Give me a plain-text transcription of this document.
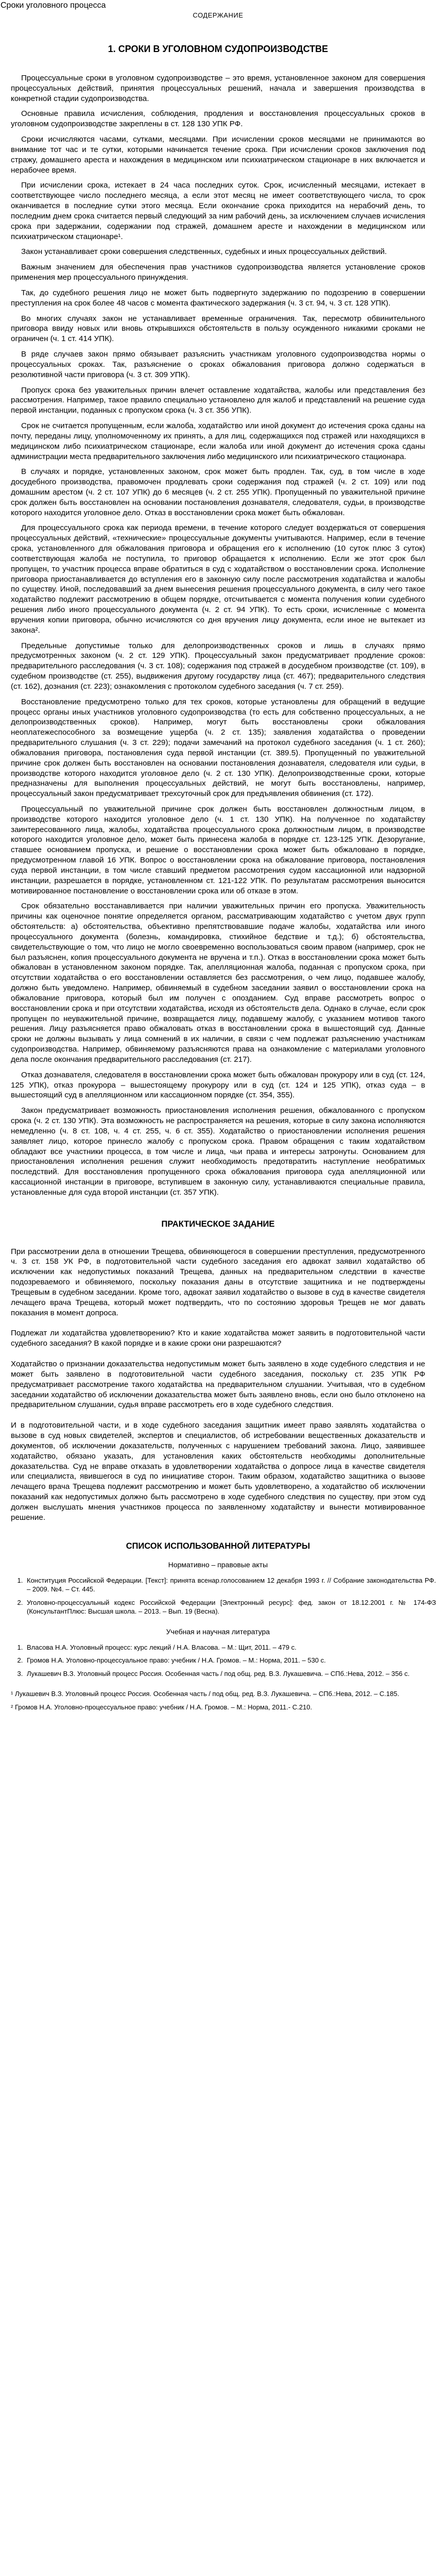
Сроки уголовного процесса
СОДЕРЖАНИЕ
1. СРОКИ В УГОЛОВНОМ СУДОПРОИЗВОДСТВЕ

Процессуальные сроки в уголовном судопроизводстве – это время, установленное законом для совершения процессуальных действий, принятия процессуальных решений, начала и завершения производства в конкретной стадии судопроизводства.

Основные правила исчисления, соблюдения, продления и восстановления процессуальных сроков в уголовном судопроизводстве закреплены в ст. 128 130 УПК РФ.

Сроки исчисляются часами, сутками, месяцами. При исчислении сроков месяцами не принимаются во внимание тот час и те сутки, которыми начинается течение срока. При исчислении сроков заключения под стражу, домашнего ареста и нахождения в медицинском или психиатрическом стационаре в них включается и нерабочее время.

При исчислении срока, истекает в 24 часа последних суток. Срок, исчисленный месяцами, истекает в соответствующее число последнего месяца, а если этот месяц не имеет соответствующего числа, то срок оканчивается в последние сутки этого месяца. Если окончание срока приходится на нерабочий день, то последним днем срока считается первый следующий за ним рабочий день, за исключением случаев исчисления срока при задержании, содержании под стражей, домашнем аресте и нахождении в медицинском или психиатрическом стационаре¹.

Закон устанавливает сроки совершения следственных, судебных и иных процессуальных действий.

Важным значением для обеспечения прав участников судопроизводства является установление сроков применения мер процессуального принуждения.

Так, до судебного решения лицо не может быть подвергнуто задержанию по подозрению в совершении преступления на срок более 48 часов с момента фактического задержания (ч. 3 ст. 94, ч. 3 ст. 128 УПК).

Во многих случаях закон не устанавливает временные ограничения. Так, пересмотр обвинительного приговора ввиду новых или вновь открывшихся обстоятельств в пользу осужденного никакими сроками не ограничен (ч. 1 ст. 414 УПК).

В ряде случаев закон прямо обязывает разъяснить участникам уголовного судопроизводства нормы о процессуальных сроках. Так, разъяснение о сроках обжалования приговора должно содержаться в резолютивной части приговора (ч. 3 ст. 309 УПК).

Пропуск срока без уважительных причин влечет оставление ходатайства, жалобы или представления без рассмотрения. Например, такое правило специально установлено для жалоб и представлений на решение суда первой инстанции, поданных с пропуском срока (ч. 3 ст. 356 УПК).

Срок не считается пропущенным, если жалоба, ходатайство или иной документ до истечения срока сданы на почту, переданы лицу, уполномоченному их принять, а для лиц, содержащихся под стражей или находящихся в медицинском либо психиатрическом стационаре, если жалоба или иной документ до истечения срока сданы администрации места предварительного заключения либо медицинского или психиатрического стационара.

В случаях и порядке, установленных законом, срок может быть продлен. Так, суд, в том числе в ходе досудебного производства, правомочен продлевать сроки содержания под стражей (ч. 2 ст. 109) или под домашним арестом (ч. 2 ст. 107 УПК) до 6 месяцев (ч. 2 ст. 255 УПК). Пропущенный по уважительной причине срок должен быть восстановлен на основании постановления дознавателя, следователя, судьи, в производстве которого находится уголовное дело. Отказ в восстановлении срока может быть обжалован.

Для процессуального срока как периода времени, в течение которого следует воздержаться от совершения процессуальных действий, «технические» процессуальные документы учитываются. Например, если в течение срока, установленного для обжалования приговора и обращения его к исполнению (10 суток плюс 3 суток) соответствующая жалоба не поступила, то приговор обращается к исполнению. Если же этот срок был пропущен, то участник процесса вправе обратиться в суд с ходатайством о восстановлении срока. Исполнение приговора приостанавливается до вступления его в законную силу после рассмотрения ходатайства и жалобы по существу. Иной, последовавший за днем вынесения решения процессуального документа, в силу чего такое ходатайство подлежит рассмотрению в общем порядке, отсчитывается с момента получения копии судебного решения либо иного процессуального документа (ч. 2 ст. 94 УПК). То есть сроки, исчисленные с момента вручения копии приговора, обычно исчисляются со дня вручения лицу документа, если иное не вытекает из закона².

Предельные допустимые только для делопроизводственных сроков и лишь в случаях прямо предусмотренных законом (ч. 2 ст. 129 УПК). Процессуальный закон предусматривает продление сроков: предварительного расследования (ч. 3 ст. 108); содержания под стражей в досудебном производстве (ст. 109), в судебном производстве (ст. 255), выдвижения другому государству лица (ст. 467); предварительного следствия (ст. 162), дознания (ст. 223); ознакомления с протоколом судебного заседания (ч. 7 ст. 259).

Восстановление предусмотрено только для тех сроков, которые установлены для обращений в ведущие процесс органы иных участников уголовного судопроизводства (то есть для собственно процессуальных, а не делопроизводственных сроков). Например, могут быть восстановлены сроки обжалования неоплатежеспособного за возмещение ущерба (ч. 2 ст. 135); заявления ходатайства о проведении предварительного слушания (ч. 3 ст. 229); подачи замечаний на протокол судебного заседания (ч. 1 ст. 260); обжалования приговора, постановления суда первой инстанции (ст. 389.5). Пропущенный по уважительной причине срок должен быть восстановлен на основании постановления дознавателя, следователя или судьи, в производстве которого находится уголовное дело (ч. 2 ст. 130 УПК). Делопроизводственные сроки, которые предназначены для выполнения процессуальных действий, не могут быть восстановлены, например, процессуальный закон предусматривает трехсуточный срок для предъявления обвинения (ст. 172).

Процессуальный по уважительной причине срок должен быть восстановлен должностным лицом, в производстве которого находится уголовное дело (ч. 1 ст. 130 УПК). На полученное по ходатайству заинтересованного лица, жалобы, ходатайства процессуального срока должностным лицом, в производстве которого находится уголовное дело, может быть принесена жалоба в порядке ст. 123-125 УПК. Дезоругание, ставшее основанием пропуска, и решение о восстановлении срока может быть обжаловано в порядке, предусмотренном главой 16 УПК. Вопрос о восстановлении срока на обжалование приговора, постановления суда первой инстанции, в том числе ставший предметом рассмотрения судом кассационной или надзорной инстанции, разрешается в порядке, установленном ст. 121-122 УПК. По результатам рассмотрения выносится мотивированное постановление о восстановлении срока или об отказе в этом.

Срок обязательно восстанавливается при наличии уважительных причин его пропуска. Уважительность причины как оценочное понятие определяется органом, рассматривающим ходатайство с учетом двух групп обстоятельств: а) обстоятельства, объективно препятствовавшие подаче жалобы, ходатайства или иного процессуального документа (болезнь, командировка, стихийное бедствие и т.д.); б) обстоятельства, свидетельствующие о том, что лицо не могло своевременно воспользоваться своим правом (например, срок не был разъяснен, копия процессуального документа не вручена и т.п.). Отказ в восстановлении срока может быть обжалован в установленном законом порядке. Так, апелляционная жалоба, поданная с пропуском срока, при отсутствии ходатайства о его восстановлении оставляется без рассмотрения, о чем лицо, подавшее жалобу, должно быть уведомлено. Например, обвиняемый в судебном заседании заявил о восстановлении срока на обжалование приговора, который был им получен с опозданием. Суд вправе рассмотреть вопрос о восстановлении срока и при отсутствии ходатайства, исходя из обстоятельств дела. Однако в случае, если срок пропущен по неуважительной причине, возвращается лицу, подавшему жалобу, с указанием мотивов такого решения. Лицу разъясняется право обжаловать отказ в восстановлении срока в вышестоящий суд. Данные сроки не должны вызывать у лица сомнений в их наличии, в связи с чем подлежат разъяснению участникам судопроизводства. Например, обвиняемому разъясняются права на ознакомление с материалами уголовного дела после окончания предварительного расследования (ст. 217).

Отказ дознавателя, следователя в восстановлении срока может быть обжалован прокурору или в суд (ст. 124, 125 УПК), отказ прокурора – вышестоящему прокурору или в суд (ст. 124 и 125 УПК), отказ суда – в вышестоящий суд в апелляционном или кассационном порядке (ст. 354, 355).

Закон предусматривает возможность приостановления исполнения решения, обжалованного с пропуском срока (ч. 2 ст. 130 УПК). Эта возможность не распространяется на решения, которые в силу закона исполняются немедленно (ч. 8 ст. 108, ч. 4 ст. 255, ч. 6 ст. 355). Ходатайство о приостановлении исполнения решения заявляет лицо, которое принесло жалобу с пропуском срока. Правом обращения с таким ходатайством обладают все участники процесса, в том числе и лица, чьи права и интересы затронуты. Основанием для приостановления исполнения решения служит необходимость предотвратить наступление необратимых последствий. Для восстановления пропущенного срока обжалования приговора суда апелляционной или кассационной инстанции в приговоре, вступившем в законную силу, устанавливаются специальные правила, установленные для суда второй инстанции (ст. 357 УПК).

ПРАКТИЧЕСКОЕ ЗАДАНИЕ

При рассмотрении дела в отношении Трещева, обвиняющегося в совершении преступления, предусмотренного ч. 3 ст. 158 УК РФ, в подготовительной части судебного заседания его адвокат заявил ходатайство об исключении как недопустимых показаний Трещева, данных на предварительном следствии в качестве подозреваемого и обвиняемого, поскольку показания даны в отсутствие защитника и не подтверждены Трещевым в судебном заседании. Кроме того, адвокат заявил ходатайство о вызове в суд в качестве свидетеля лечащего врача Трещева, который может подтвердить, что по состоянию здоровья Трещев не мог давать показания в момент допроса.

Подлежат ли ходатайства удовлетворению? Кто и какие ходатайства может заявить в подготовительной части судебного заседания? В какой порядке и в какие сроки они разрешаются?

Ходатайство о признании доказательства недопустимым может быть заявлено в ходе судебного следствия и не может быть заявлено в подготовительной части судебного заседания, поскольку ст. 235 УПК РФ предусматривает рассмотрение такого ходатайства на предварительном слушании. Учитывая, что в судебном заседании ходатайство об исключении доказательства может быть заявлено вновь, если оно было отклонено на предварительном слушании, судья вправе рассмотреть его в ходе судебного следствия.

И в подготовительной части, и в ходе судебного заседания защитник имеет право заявлять ходатайства о вызове в суд новых свидетелей, экспертов и специалистов, об истребовании вещественных доказательств и документов, об исключении доказательств, полученных с нарушением требований закона. Лицо, заявившее ходатайство, обязано указать, для установления каких обстоятельств необходимы дополнительные доказательства. Суд не вправе отказать в удовлетворении ходатайства о допросе лица в качестве свидетеля или специалиста, явившегося в суд по инициативе сторон. Таким образом, ходатайство защитника о вызове лечащего врача Трещева подлежит рассмотрению и может быть удовлетворено, а ходатайство об исключении показаний как недопустимых должно быть рассмотрено в ходе судебного следствия по существу, при этом суд должен выслушать мнения участников процесса по заявленному ходатайству и вынести мотивированное решение.

СПИСОК ИСПОЛЬЗОВАННОЙ ЛИТЕРАТУРЫ
Нормативно – правовые акты
1. Конституция Российской Федерации. [Текст]: принята всенар.голосованием 12 декабря 1993 г. // Собрание законодательства РФ. – 2009. №4. – Ст. 445.
2. Уголовно-процессуальный кодекс Российской Федерации [Электронный ресурс]: фед. закон от 18.12.2001 г. № 174-ФЗ (КонсультантПлюс: Высшая школа. – 2013. – Вып. 19 (Весна).
Учебная и научная литература
1. Власова Н.А. Уголовный процесс: курс лекций / Н.А. Власова. – М.: Щит, 2011. – 479 с.
2. Громов Н.А. Уголовно-процессуальное право: учебник / Н.А. Громов. – М.: Норма, 2011. – 530 с.
3. Лукашевич В.З. Уголовный процесс Россия. Особенная часть / под общ. ред. В.З. Лукашевича. – СПб.:Нева, 2012. – 356 с.

¹ Лукашевич В.З. Уголовный процесс Россия. Особенная часть / под общ. ред. В.З. Лукашевича. – СПб.:Нева, 2012. – С.185.

² Громов Н.А. Уголовно-процессуальное право: учебник / Н.А. Громов. – М.: Норма, 2011.- С.210.
